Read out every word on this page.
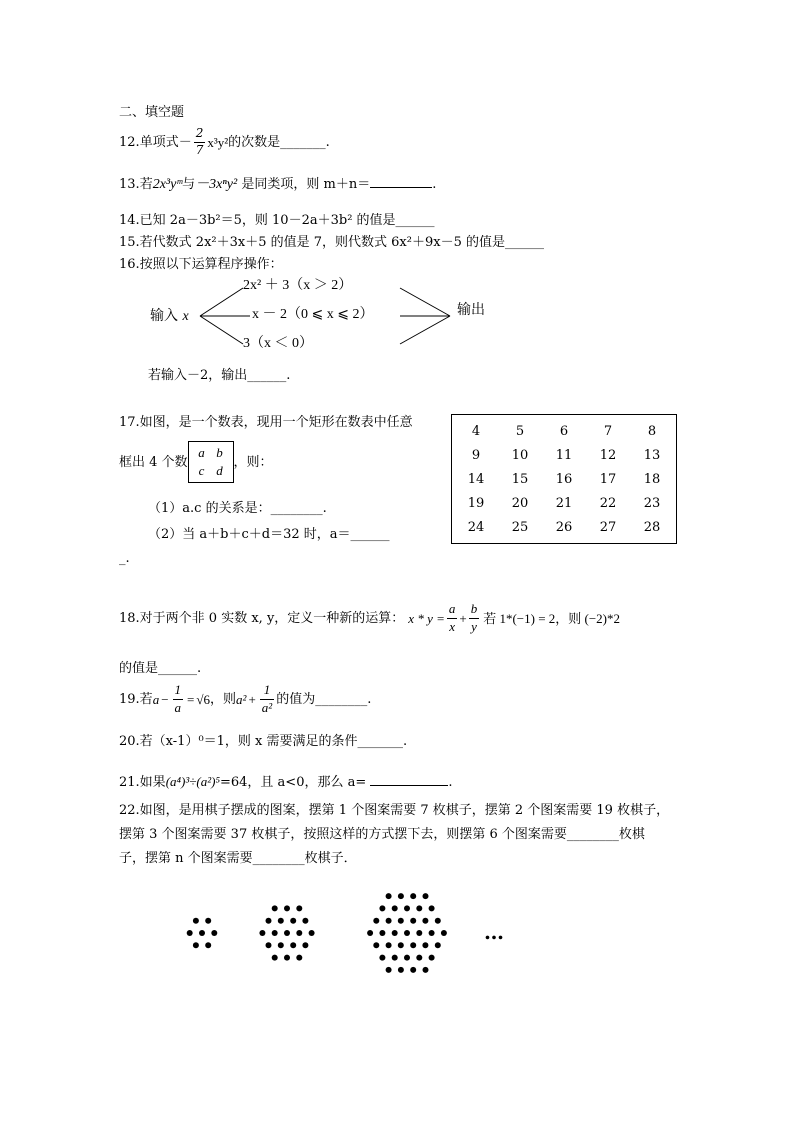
二、填空题
12. 单项式－ $\frac{2}{7} x^3y^2$ 的次数是 _______ .
13.若2x³yᵐ与－3xⁿy² 是同类项，则 m＋n＝	.
14.已知 2a－3b²＝5，则 10－2a＋3b² 的值是______
15.若代数式 2x²＋3x＋5 的值是 7，则代数式 6x²＋9x－5 的值是______
16.按照以下运算程序操作：
输入 x
2x² ＋ 3（x ＞ 2）
x － 2（0 ⩽ x ⩽ 2）
3（x ＜ 0）
输出
若输入－2，输出______.
17.如图，是一个数表，现用一个矩形在数表中任意
框出 4 个数
a b
c d
，则：
（1）a.c 的关系是：________.
（2）当 a＋b＋c＋d＝32 时，a＝______
_.
4	5	6	7	8
9	10	11	12	13
14	15	16	17	18
19	20	21	22	23
24	25	26	27	28
18.对于两个非 0 实数 x, y，定义一种新的运算： $x * y = \frac{a}{x} + \frac{b}{y}$ 若 1*(−1) = 2，则 (−2)*2
的值是______.
19.若 $a - \frac{1}{a} = √6$ ，则 $a^2 + \frac{1}{\text{a²}}$ 的值为________.
20.若（x-1）⁰＝1，则 x 需要满足的条件_______.
21.如果(a⁴)³÷(a²)⁵=64，且 a<0，那么 a=	.
22.如图，是用棋子摆成的图案，摆第 1 个图案需要 7 枚棋子，摆第 2 个图案需要 19 枚棋子，
摆第 3 个图案需要 37 枚棋子，按照这样的方式摆下去，则摆第 6 个图案需要________枚棋
子，摆第 n 个图案需要________枚棋子．
…
